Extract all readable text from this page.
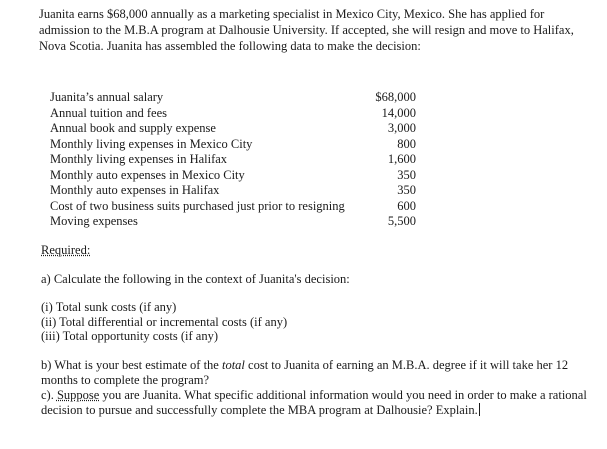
Juanita earns $68,000 annually as a marketing specialist in Mexico City, Mexico. She has applied for admission to the M.B.A program at Dalhousie University. If accepted, she will resign and move to Halifax, Nova Scotia. Juanita has assembled the following data to make the decision:
Juanita’s annual salary	$68,000
Annual tuition and fees	14,000
Annual book and supply expense	3,000
Monthly living expenses in Mexico City	800
Monthly living expenses in Halifax	1,600
Monthly auto expenses in Mexico City	350
Monthly auto expenses in Halifax	350
Cost of two business suits purchased just prior to resigning	600
Moving expenses	5,500
Required:
a) Calculate the following in the context of Juanita's decision:
(i) Total sunk costs (if any)
(ii) Total differential or incremental costs (if any)
(iii) Total opportunity costs (if any)
b) What is your best estimate of the total cost to Juanita of earning an M.B.A. degree if it will take her 12 months to complete the program?
c). Suppose you are Juanita. What specific additional information would you need in order to make a rational decision to pursue and successfully complete the MBA program at Dalhousie? Explain.
